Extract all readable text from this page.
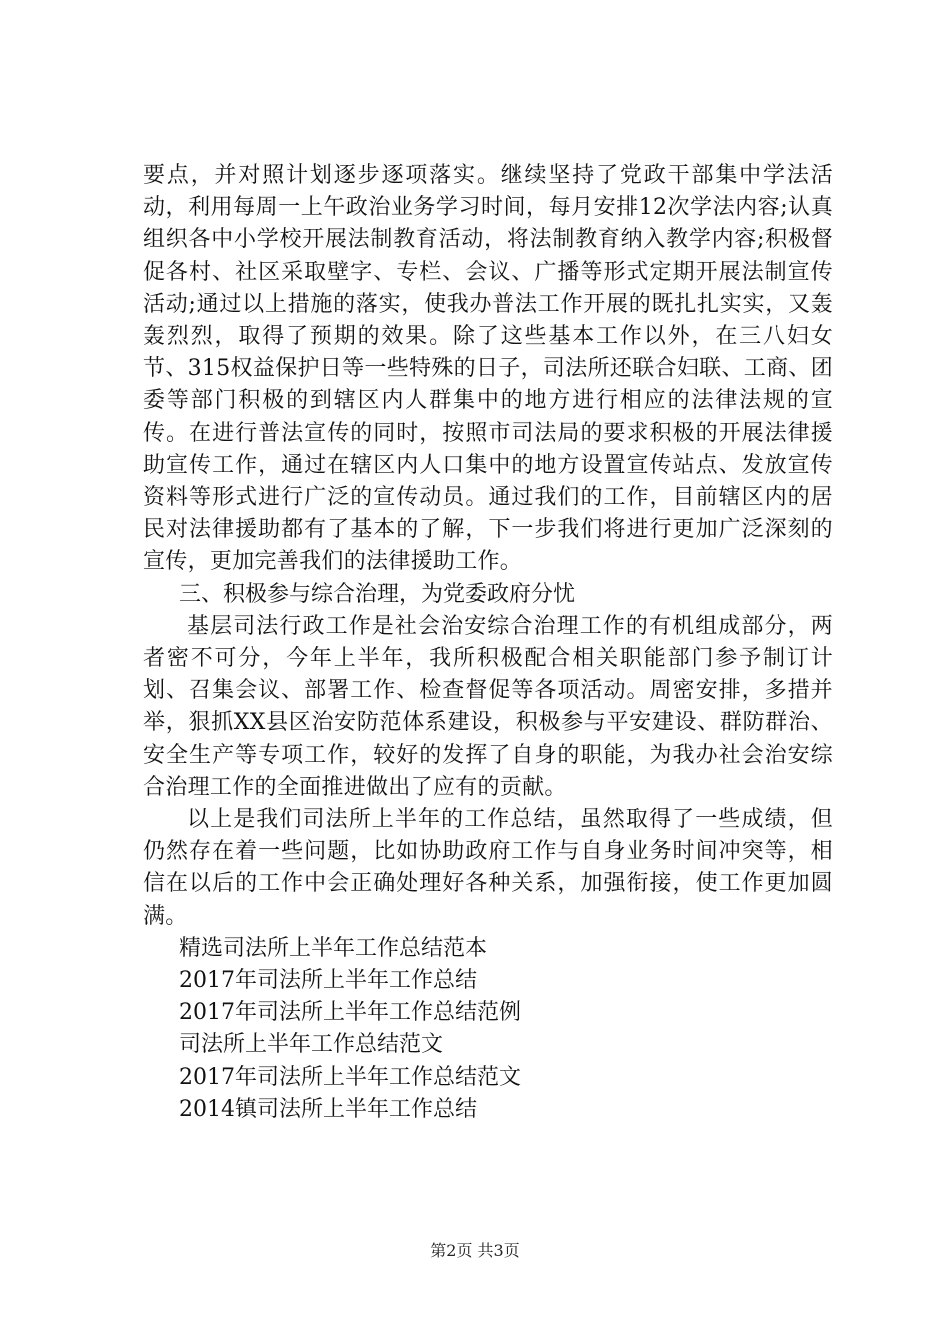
要点，并对照计划逐步逐项落实。继续坚持了党政干部集中学法活动，利用每周一上午政治业务学习时间，每月安排12次学法内容;认真组织各中小学校开展法制教育活动，将法制教育纳入教学内容;积极督促各村、社区采取壁字、专栏、会议、广播等形式定期开展法制宣传活动;通过以上措施的落实，使我办普法工作开展的既扎扎实实，又轰轰烈烈，取得了预期的效果。除了这些基本工作以外，在三八妇女节、315权益保护日等一些特殊的日子，司法所还联合妇联、工商、团委等部门积极的到辖区内人群集中的地方进行相应的法律法规的宣传。在进行普法宣传的同时，按照市司法局的要求积极的开展法律援助宣传工作，通过在辖区内人口集中的地方设置宣传站点、发放宣传资料等形式进行广泛的宣传动员。通过我们的工作，目前辖区内的居民对法律援助都有了基本的了解，下一步我们将进行更加广泛深刻的宣传，更加完善我们的法律援助工作。

三、积极参与综合治理，为党委政府分忧

基层司法行政工作是社会治安综合治理工作的有机组成部分，两者密不可分，今年上半年，我所积极配合相关职能部门参予制订计划、召集会议、部署工作、检查督促等各项活动。周密安排，多措并举，狠抓XX县区治安防范体系建设，积极参与平安建设、群防群治、安全生产等专项工作，较好的发挥了自身的职能，为我办社会治安综合治理工作的全面推进做出了应有的贡献。

以上是我们司法所上半年的工作总结，虽然取得了一些成绩，但仍然存在着一些问题，比如协助政府工作与自身业务时间冲突等，相信在以后的工作中会正确处理好各种关系，加强衔接，使工作更加圆满。

精选司法所上半年工作总结范本
2017年司法所上半年工作总结
2017年司法所上半年工作总结范例
司法所上半年工作总结范文
2017年司法所上半年工作总结范文
2014镇司法所上半年工作总结
第2页 共3页
